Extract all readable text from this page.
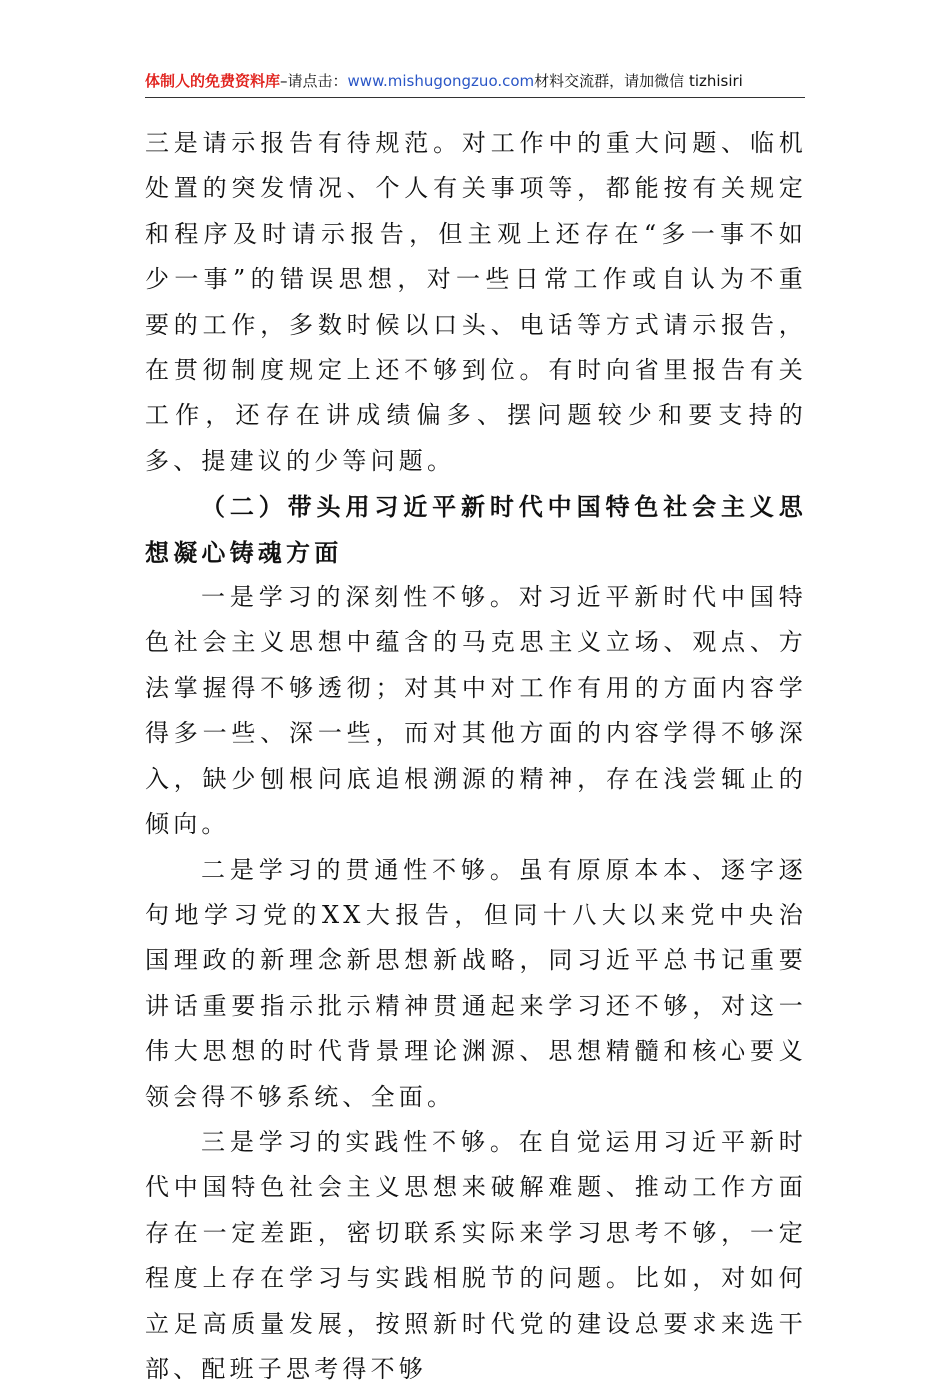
体制人的免费资料库–请点击：www.mishugongzuo.com材料交流群，请加微信 tizhisiri

三是请示报告有待规范。对工作中的重大问题、临机处置的突发情况、个人有关事项等，都能按有关规定和程序及时请示报告，但主观上还存在“多一事不如少一事”的错误思想，对一些日常工作或自认为不重要的工作，多数时候以口头、电话等方式请示报告，在贯彻制度规定上还不够到位。有时向省里报告有关工作，还存在讲成绩偏多、摆问题较少和要支持的多、提建议的少等问题。

（二）带头用习近平新时代中国特色社会主义思想凝心铸魂方面

一是学习的深刻性不够。对习近平新时代中国特色社会主义思想中蕴含的马克思主义立场、观点、方法掌握得不够透彻；对其中对工作有用的方面内容学得多一些、深一些，而对其他方面的内容学得不够深入，缺少刨根问底追根溯源的精神，存在浅尝辄止的倾向。

二是学习的贯通性不够。虽有原原本本、逐字逐句地学习党的XX大报告，但同十八大以来党中央治国理政的新理念新思想新战略，同习近平总书记重要讲话重要指示批示精神贯通起来学习还不够，对这一伟大思想的时代背景理论渊源、思想精髓和核心要义领会得不够系统、全面。

三是学习的实践性不够。在自觉运用习近平新时代中国特色社会主义思想来破解难题、推动工作方面存在一定差距，密切联系实际来学习思考不够，一定程度上存在学习与实践相脱节的问题。比如，对如何立足高质量发展，按照新时代党的建设总要求来选干部、配班子思考得不够
